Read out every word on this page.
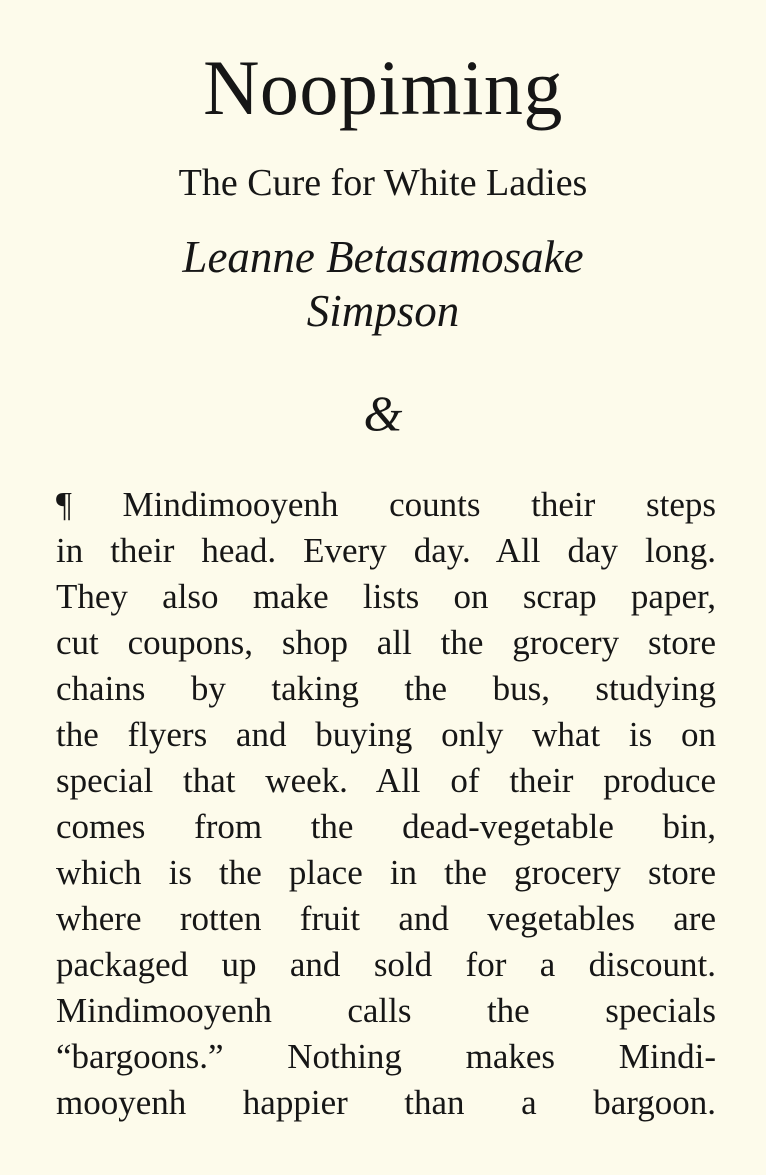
Noopiming
The Cure for White Ladies
Leanne Betasamosake
Simpson
&
¶ Mindimooyenh counts their steps
in their head. Every day. All day long.
They also make lists on scrap paper,
cut coupons, shop all the grocery store
chains by taking the bus, studying
the flyers and buying only what is on
special that week. All of their produce
comes from the dead-vegetable bin,
which is the place in the grocery store
where rotten fruit and vegetables are
packaged up and sold for a discount.
Mindimooyenh calls the specials
“bargoons.” Nothing makes Mindi-
mooyenh happier than a bargoon.
